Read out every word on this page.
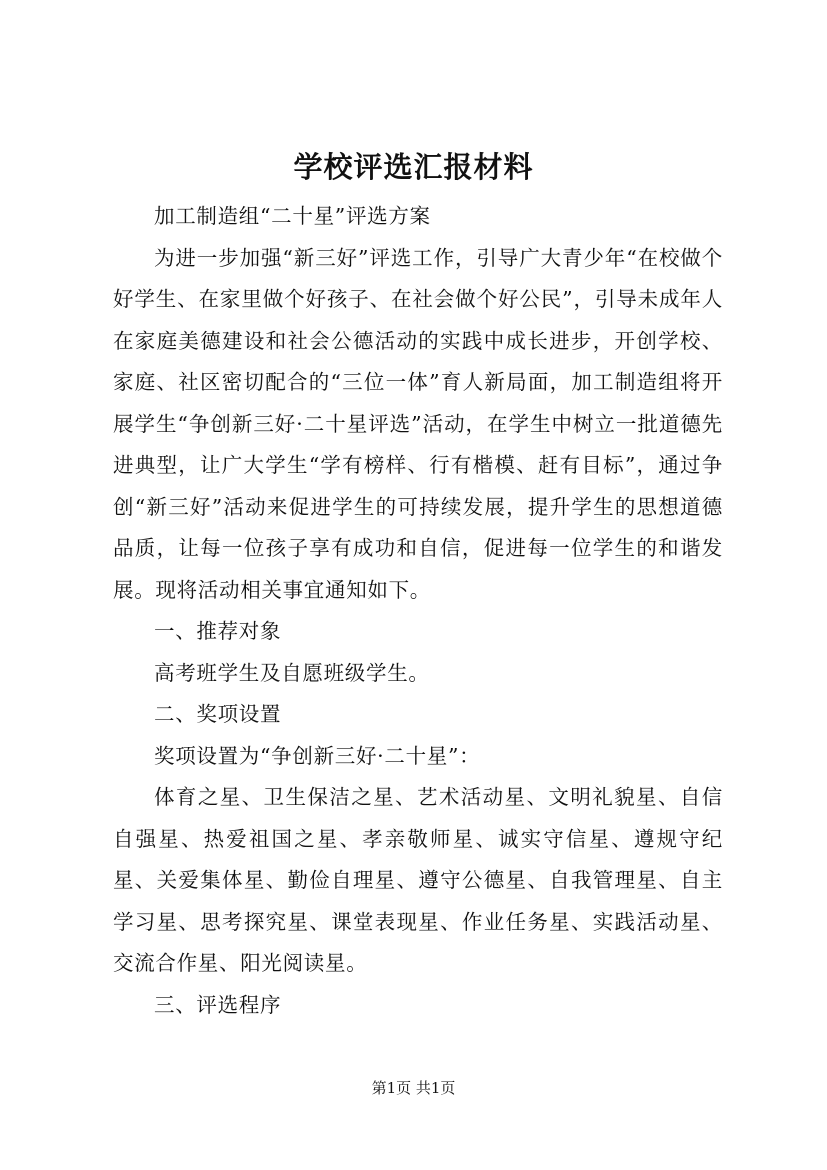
学校评选汇报材料

加工制造组“二十星”评选方案

为进一步加强“新三好”评选工作，引导广大青少年“在校做个好学生、在家里做个好孩子、在社会做个好公民”，引导未成年人在家庭美德建设和社会公德活动的实践中成长进步，开创学校、家庭、社区密切配合的“三位一体”育人新局面，加工制造组将开展学生“争创新三好·二十星评选”活动，在学生中树立一批道德先进典型，让广大学生“学有榜样、行有楷模、赶有目标”，通过争创“新三好”活动来促进学生的可持续发展，提升学生的思想道德品质，让每一位孩子享有成功和自信，促进每一位学生的和谐发展。现将活动相关事宜通知如下。

一、推荐对象

高考班学生及自愿班级学生。

二、奖项设置

奖项设置为“争创新三好·二十星”：

体育之星、卫生保洁之星、艺术活动星、文明礼貌星、自信自强星、热爱祖国之星、孝亲敬师星、诚实守信星、遵规守纪星、关爱集体星、勤俭自理星、遵守公德星、自我管理星、自主学习星、思考探究星、课堂表现星、作业任务星、实践活动星、交流合作星、阳光阅读星。

三、评选程序

第1页 共1页
